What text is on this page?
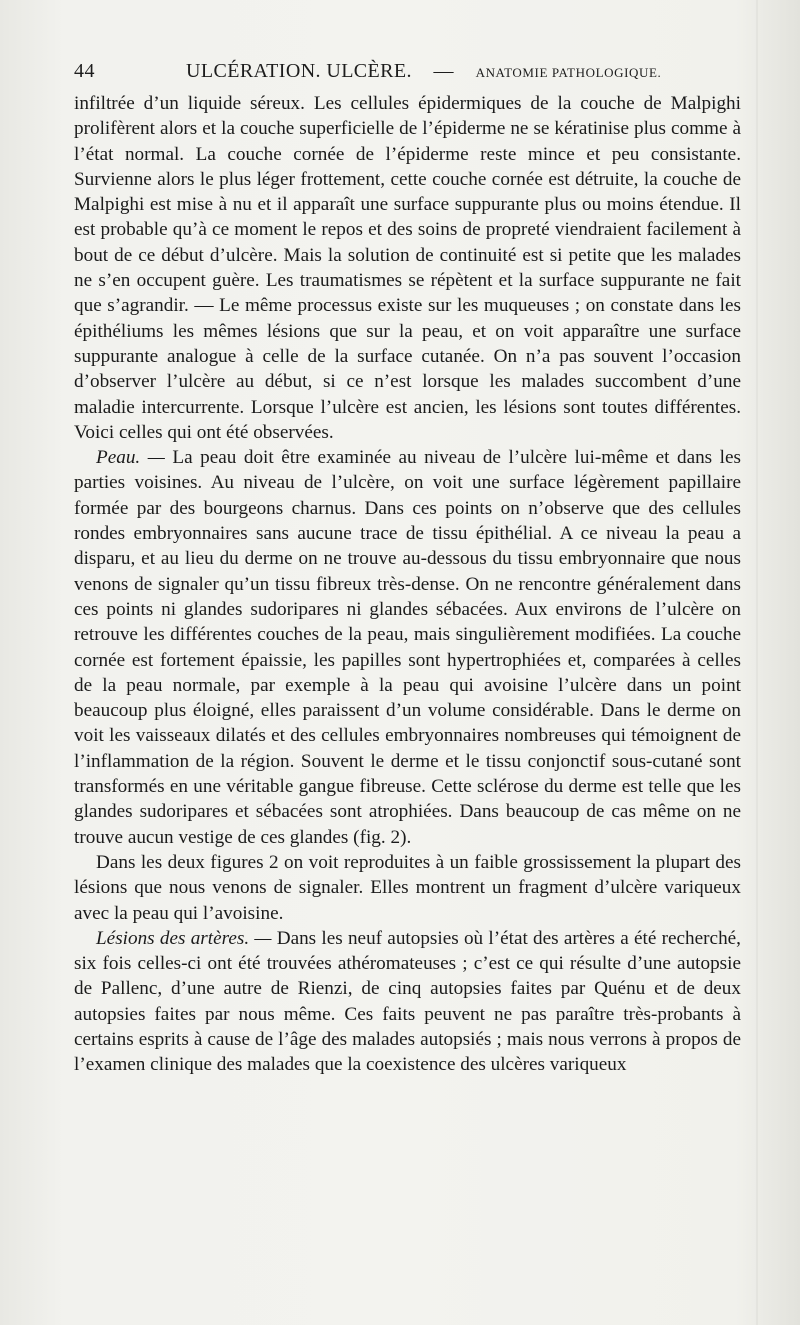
44	ULCÉRATION. ULCÈRE. — ANATOMIE PATHOLOGIQUE.

infiltrée d’un liquide séreux. Les cellules épidermiques de la couche de Malpighi prolifèrent alors et la couche superficielle de l’épiderme ne se kératinise plus comme à l’état normal. La couche cornée de l’épiderme reste mince et peu consistante. Survienne alors le plus léger frottement, cette couche cornée est détruite, la couche de Malpighi est mise à nu et il apparaît une surface suppurante plus ou moins étendue. Il est probable qu’à ce moment le repos et des soins de propreté viendraient facilement à bout de ce début d’ulcère. Mais la solution de continuité est si petite que les malades ne s’en occupent guère. Les traumatismes se répètent et la surface suppurante ne fait que s’agrandir. — Le même processus existe sur les muqueuses ; on constate dans les épithéliums les mêmes lésions que sur la peau, et on voit apparaître une surface suppurante analogue à celle de la surface cutanée. On n’a pas souvent l’occasion d’observer l’ulcère au début, si ce n’est lorsque les malades succombent d’une maladie intercurrente. Lorsque l’ulcère est ancien, les lésions sont toutes différentes. Voici celles qui ont été observées.

Peau. — La peau doit être examinée au niveau de l’ulcère lui-même et dans les parties voisines. Au niveau de l’ulcère, on voit une surface légèrement papillaire formée par des bourgeons charnus. Dans ces points on n’observe que des cellules rondes embryonnaires sans aucune trace de tissu épithélial. A ce niveau la peau a disparu, et au lieu du derme on ne trouve au-dessous du tissu embryonnaire que nous venons de signaler qu’un tissu fibreux très-dense. On ne rencontre généralement dans ces points ni glandes sudoripares ni glandes sébacées. Aux environs de l’ulcère on retrouve les différentes couches de la peau, mais singulièrement modifiées. La couche cornée est fortement épaissie, les papilles sont hypertrophiées et, comparées à celles de la peau normale, par exemple à la peau qui avoisine l’ulcère dans un point beaucoup plus éloigné, elles paraissent d’un volume considérable. Dans le derme on voit les vaisseaux dilatés et des cellules embryonnaires nombreuses qui témoignent de l’inflammation de la région. Souvent le derme et le tissu conjonctif sous-cutané sont transformés en une véritable gangue fibreuse. Cette sclérose du derme est telle que les glandes sudoripares et sébacées sont atrophiées. Dans beaucoup de cas même on ne trouve aucun vestige de ces glandes (fig. 2).

Dans les deux figures 2 on voit reproduites à un faible grossissement la plupart des lésions que nous venons de signaler. Elles montrent un fragment d’ulcère variqueux avec la peau qui l’avoisine.

Lésions des artères. — Dans les neuf autopsies où l’état des artères a été recherché, six fois celles-ci ont été trouvées athéromateuses ; c’est ce qui résulte d’une autopsie de Pallenc, d’une autre de Rienzi, de cinq autopsies faites par Quénu et de deux autopsies faites par nous même. Ces faits peuvent ne pas paraître très-probants à certains esprits à cause de l’âge des malades autopsiés ; mais nous verrons à propos de l’examen clinique des malades que la coexistence des ulcères variqueux
